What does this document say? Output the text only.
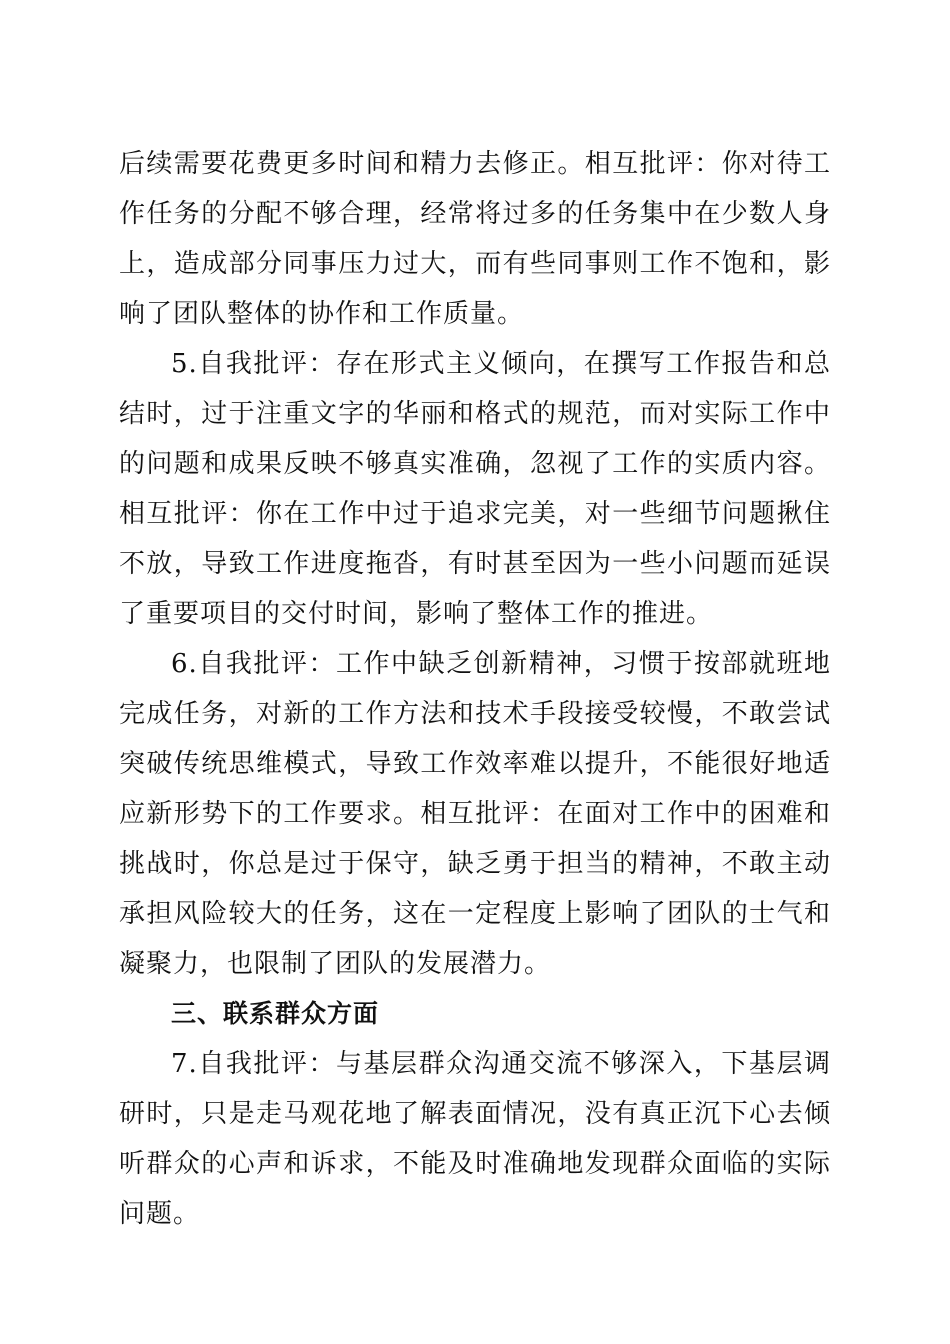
后续需要花费更多时间和精力去修正。相互批评：你对待工作任务的分配不够合理，经常将过多的任务集中在少数人身上，造成部分同事压力过大，而有些同事则工作不饱和，影响了团队整体的协作和工作质量。

5.自我批评：存在形式主义倾向，在撰写工作报告和总结时，过于注重文字的华丽和格式的规范，而对实际工作中的问题和成果反映不够真实准确，忽视了工作的实质内容。相互批评：你在工作中过于追求完美，对一些细节问题揪住不放，导致工作进度拖沓，有时甚至因为一些小问题而延误了重要项目的交付时间，影响了整体工作的推进。

6.自我批评：工作中缺乏创新精神，习惯于按部就班地完成任务，对新的工作方法和技术手段接受较慢，不敢尝试突破传统思维模式，导致工作效率难以提升，不能很好地适应新形势下的工作要求。相互批评：在面对工作中的困难和挑战时，你总是过于保守，缺乏勇于担当的精神，不敢主动承担风险较大的任务，这在一定程度上影响了团队的士气和凝聚力，也限制了团队的发展潜力。

三、联系群众方面

7.自我批评：与基层群众沟通交流不够深入，下基层调研时，只是走马观花地了解表面情况，没有真正沉下心去倾听群众的心声和诉求，不能及时准确地发现群众面临的实际问题。
